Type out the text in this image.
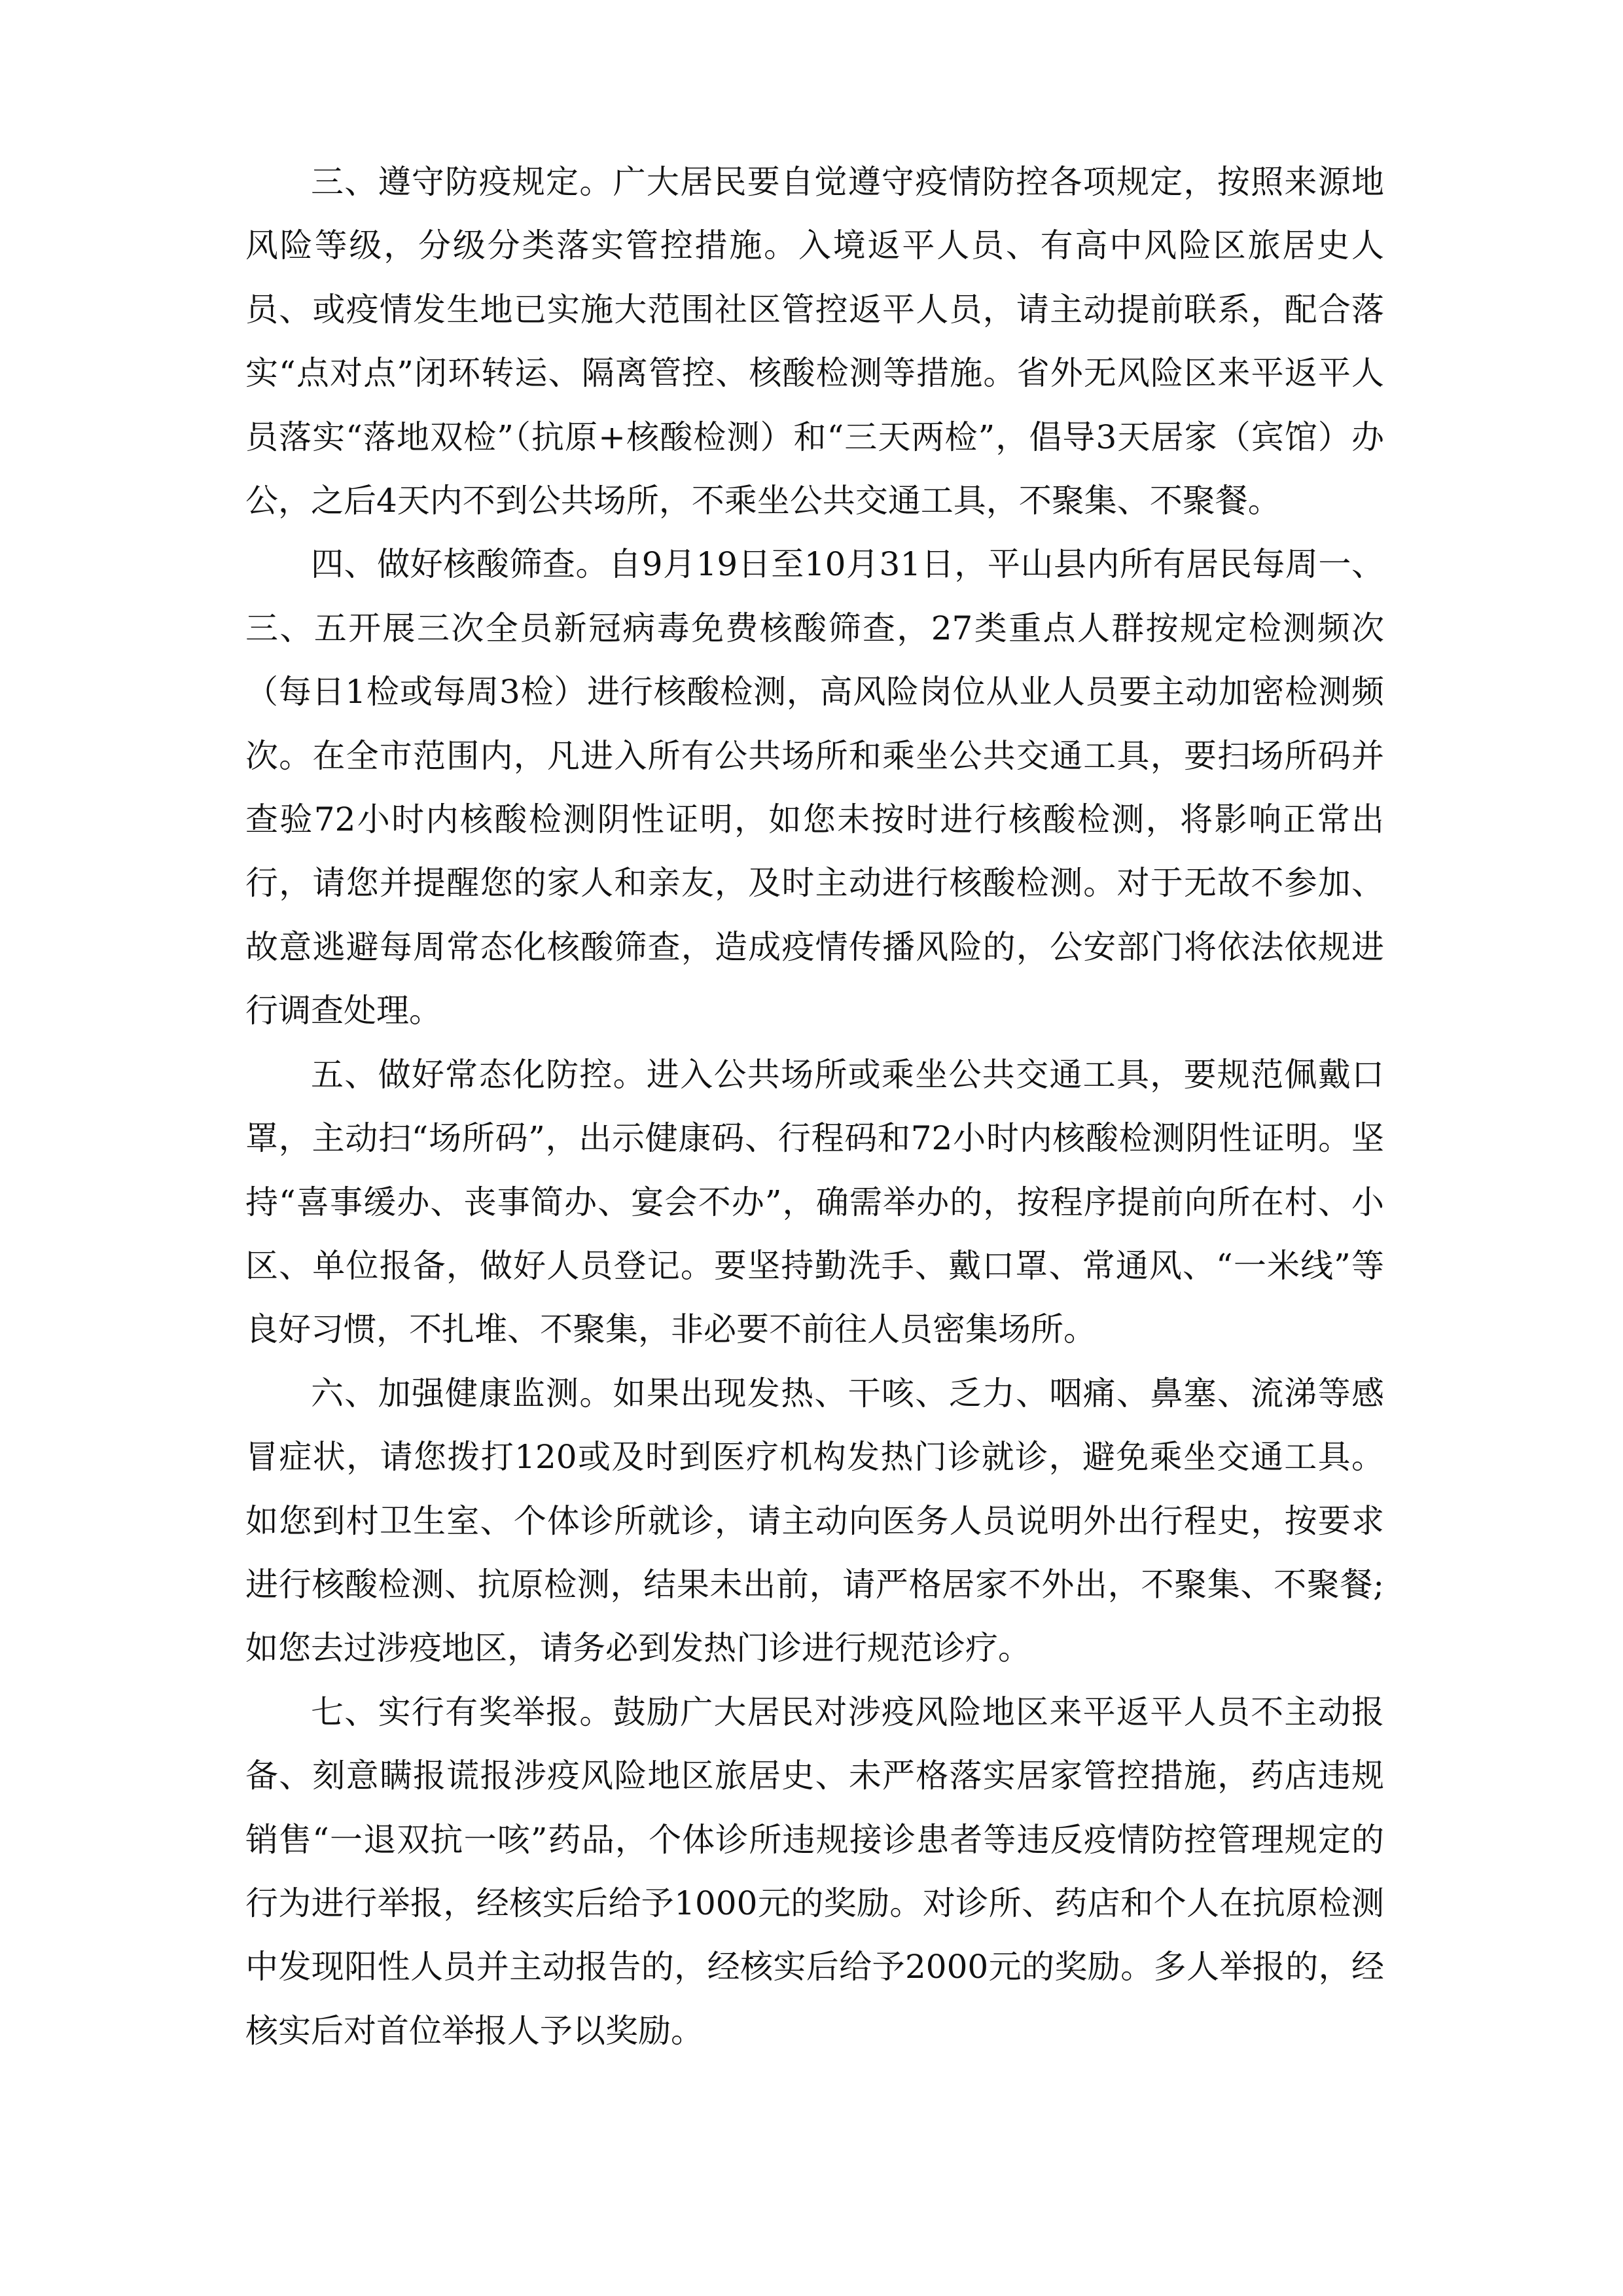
三、遵守防疫规定。广大居民要自觉遵守疫情防控各项规定，按照来源地风险等级，分级分类落实管控措施。入境返平人员、有高中风险区旅居史人员、或疫情发生地已实施大范围社区管控返平人员，请主动提前联系，配合落实“点对点”闭环转运、隔离管控、核酸检测等措施。省外无风险区来平返平人员落实“落地双检”（抗原+核酸检测）和“三天两检”，倡导3天居家（宾馆）办公，之后4天内不到公共场所，不乘坐公共交通工具，不聚集、不聚餐。

四、做好核酸筛查。自9月19日至10月31日，平山县内所有居民每周一、三、五开展三次全员新冠病毒免费核酸筛查，27类重点人群按规定检测频次（每日1检或每周3检）进行核酸检测，高风险岗位从业人员要主动加密检测频次。在全市范围内，凡进入所有公共场所和乘坐公共交通工具，要扫场所码并查验72小时内核酸检测阴性证明，如您未按时进行核酸检测，将影响正常出行，请您并提醒您的家人和亲友，及时主动进行核酸检测。对于无故不参加、故意逃避每周常态化核酸筛查，造成疫情传播风险的，公安部门将依法依规进行调查处理。

五、做好常态化防控。进入公共场所或乘坐公共交通工具，要规范佩戴口罩，主动扫“场所码”，出示健康码、行程码和72小时内核酸检测阴性证明。坚持“喜事缓办、丧事简办、宴会不办”，确需举办的，按程序提前向所在村、小区、单位报备，做好人员登记。要坚持勤洗手、戴口罩、常通风、“一米线”等良好习惯，不扎堆、不聚集，非必要不前往人员密集场所。

六、加强健康监测。如果出现发热、干咳、乏力、咽痛、鼻塞、流涕等感冒症状，请您拨打120或及时到医疗机构发热门诊就诊，避免乘坐交通工具。如您到村卫生室、个体诊所就诊，请主动向医务人员说明外出行程史，按要求进行核酸检测、抗原检测，结果未出前，请严格居家不外出，不聚集、不聚餐;如您去过涉疫地区，请务必到发热门诊进行规范诊疗。

七、实行有奖举报。鼓励广大居民对涉疫风险地区来平返平人员不主动报备、刻意瞒报谎报涉疫风险地区旅居史、未严格落实居家管控措施，药店违规销售“一退双抗一咳”药品，个体诊所违规接诊患者等违反疫情防控管理规定的行为进行举报，经核实后给予1000元的奖励。对诊所、药店和个人在抗原检测中发现阳性人员并主动报告的，经核实后给予2000元的奖励。多人举报的，经核实后对首位举报人予以奖励。
